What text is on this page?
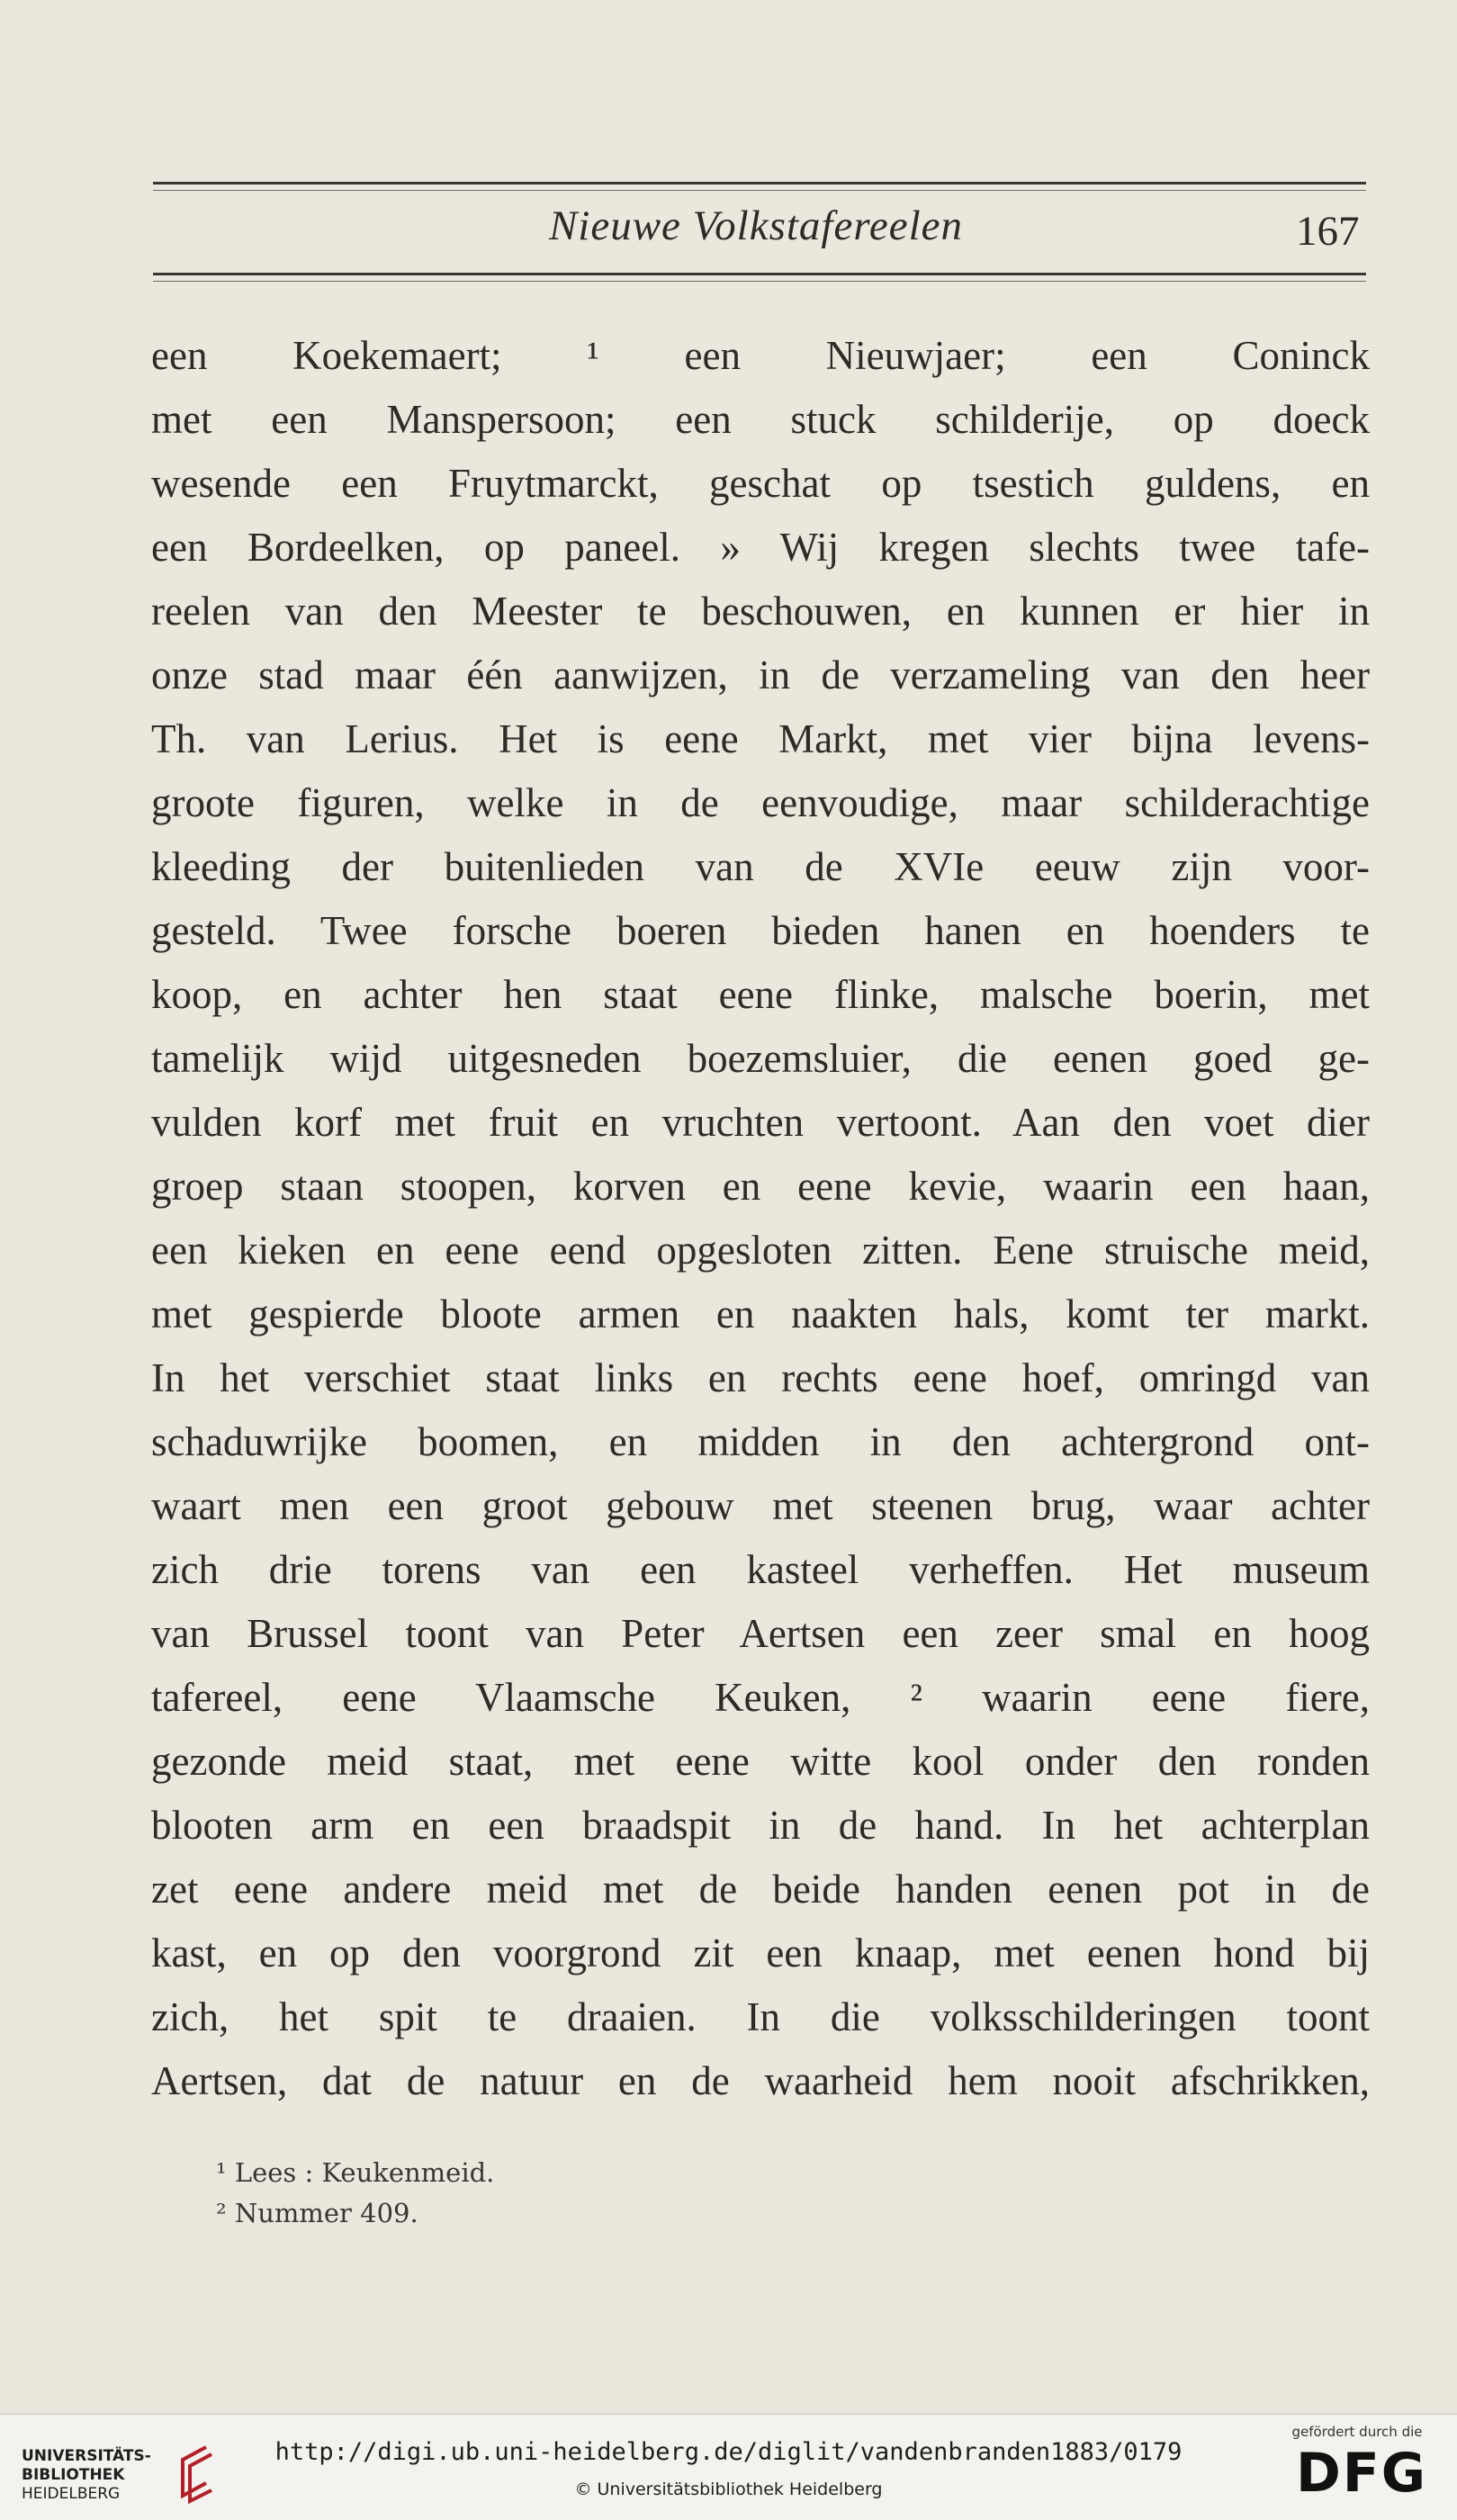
Nieuwe Volkstafereelen	167
een Koekemaert; ¹ een Nieuwjaer; een Coninck
met een Manspersoon; een stuck schilderije, op doeck
wesende een Fruytmarckt, geschat op tsestich guldens, en
een Bordeelken, op paneel. » Wij kregen slechts twee tafe-
reelen van den Meester te beschouwen, en kunnen er hier in
onze stad maar één aanwijzen, in de verzameling van den heer
Th. van Lerius. Het is eene Markt, met vier bijna levens-
groote figuren, welke in de eenvoudige, maar schilderachtige
kleeding der buitenlieden van de XVIe eeuw zijn voor-
gesteld. Twee forsche boeren bieden hanen en hoenders te
koop, en achter hen staat eene flinke, malsche boerin, met
tamelijk wijd uitgesneden boezemsluier, die eenen goed ge-
vulden korf met fruit en vruchten vertoont. Aan den voet dier
groep staan stoopen, korven en eene kevie, waarin een haan,
een kieken en eene eend opgesloten zitten. Eene struische meid,
met gespierde bloote armen en naakten hals, komt ter markt.
In het verschiet staat links en rechts eene hoef, omringd van
schaduwrijke boomen, en midden in den achtergrond ont-
waart men een groot gebouw met steenen brug, waar achter
zich drie torens van een kasteel verheffen. Het museum
van Brussel toont van Peter Aertsen een zeer smal en hoog
tafereel, eene Vlaamsche Keuken, ² waarin eene fiere,
gezonde meid staat, met eene witte kool onder den ronden
blooten arm en een braadspit in de hand. In het achterplan
zet eene andere meid met de beide handen eenen pot in de
kast, en op den voorgrond zit een knaap, met eenen hond bij
zich, het spit te draaien. In die volksschilderingen toont
Aertsen, dat de natuur en de waarheid hem nooit afschrikken,
¹ Lees : Keukenmeid.
² Nummer 409.
UNIVERSITÄTS-
BIBLIOTHEK
HEIDELBERG
http://digi.ub.uni-heidelberg.de/diglit/vandenbranden1883/0179
© Universitätsbibliothek Heidelberg
gefördert durch die
DFG
